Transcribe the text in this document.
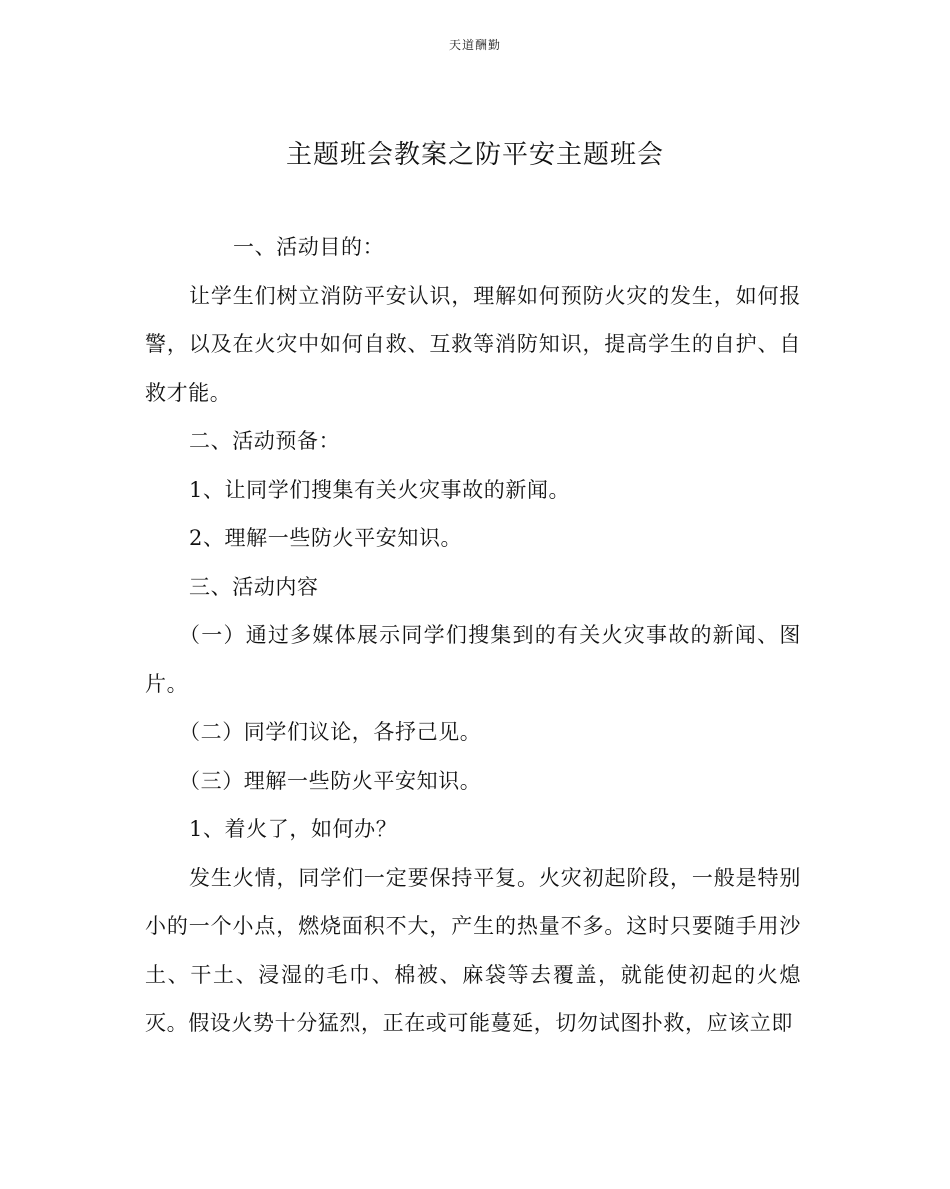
天道酬勤
主题班会教案之防平安主题班会

一、活动目的：

让学生们树立消防平安认识，理解如何预防火灾的发生，如何报警，以及在火灾中如何自救、互救等消防知识，提高学生的自护、自救才能。

二、活动预备：

1、让同学们搜集有关火灾事故的新闻。

2、理解一些防火平安知识。

三、活动内容

（一）通过多媒体展示同学们搜集到的有关火灾事故的新闻、图片。

（二）同学们议论，各抒己见。

（三）理解一些防火平安知识。

1、着火了，如何办？

发生火情，同学们一定要保持平复。火灾初起阶段，一般是特别小的一个小点，燃烧面积不大，产生的热量不多。这时只要随手用沙土、干土、浸湿的毛巾、棉被、麻袋等去覆盖，就能使初起的火熄灭。假设火势十分猛烈，正在或可能蔓延，切勿试图扑救，应该立即
